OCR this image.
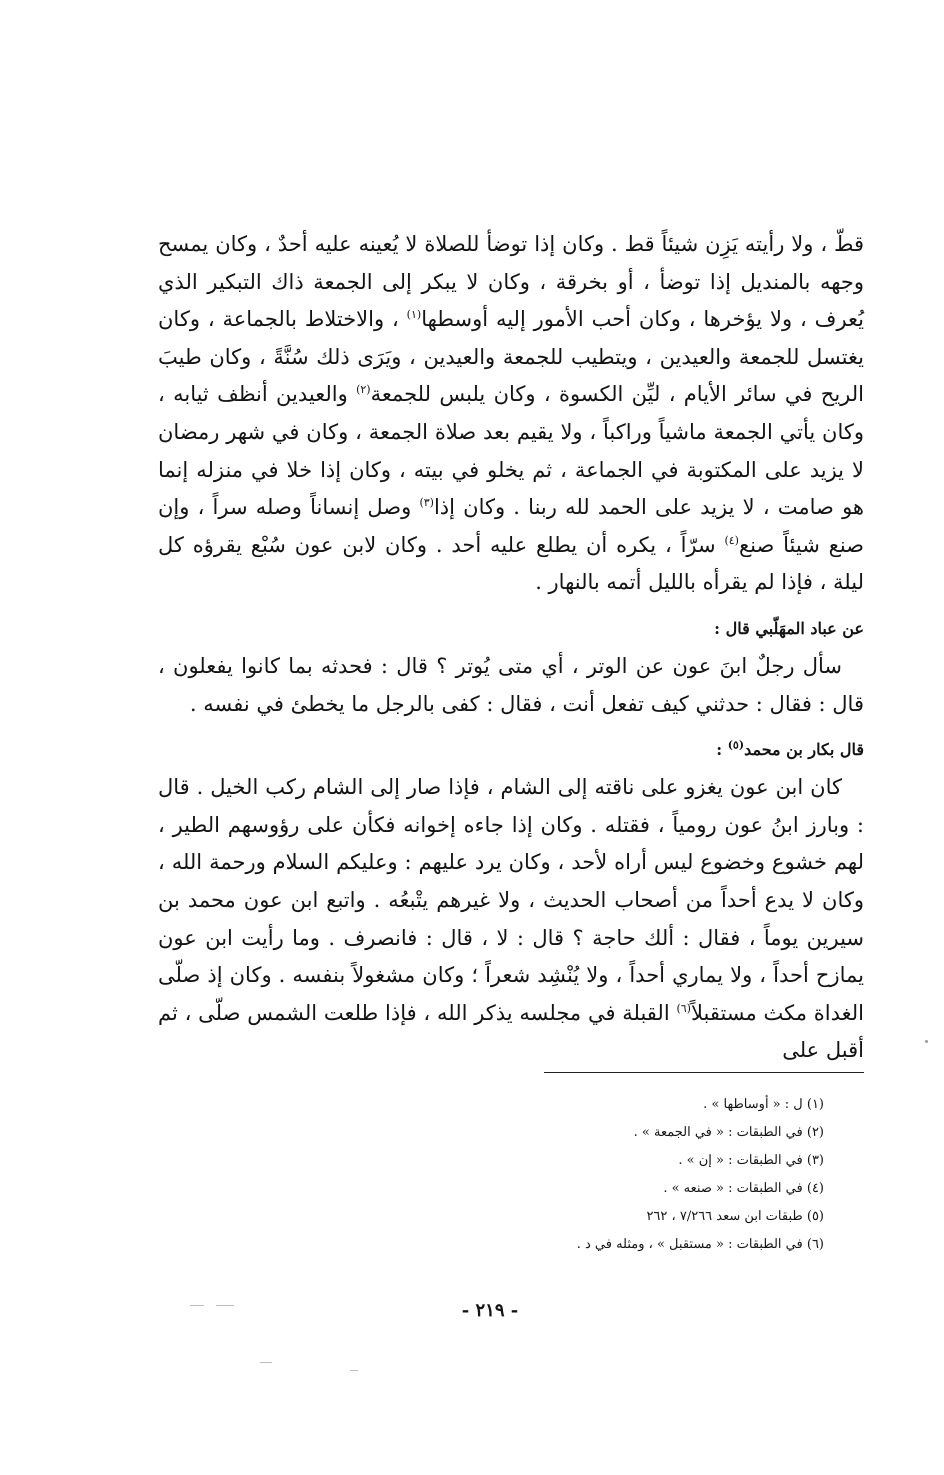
قطّ ، ولا رأيته يَزِن شيئاً قط . وكان إذا توضأ للصلاة لا يُعينه عليه أحدٌ ، وكان يمسح وجهه بالمنديل إذا توضأ ، أو بخرقة ، وكان لا يبكر إلى الجمعة ذاك التبكير الذي يُعرف ، ولا يؤخرها ، وكان أحب الأمور إليه أوسطها$^{(١)}$ ، والاختلاط بالجماعة ، وكان يغتسل للجمعة والعيدين ، ويتطيب للجمعة والعيدين ، ويَرَى ذلك سُنَّةً ، وكان طيبَ الريح في سائر الأيام ، ليِّن الكسوة ، وكان يلبس للجمعة$^{(٢)}$ والعيدين أنظف ثيابه ، وكان يأتي الجمعة ماشياً وراكباً ، ولا يقيم بعد صلاة الجمعة ، وكان في شهر رمضان لا يزيد على المكتوبة في الجماعة ، ثم يخلو في بيته ، وكان إذا خلا في منزله إنما هو صامت ، لا يزيد على الحمد لله ربنا . وكان إذا$^{(٣)}$ وصل إنساناً وصله سراً ، وإن صنع شيئاً صنع$^{(٤)}$ سرّاً ، يكره أن يطلع عليه أحد . وكان لابن عون سُبْع يقرؤه كل ليلة ، فإذا لم يقرأه بالليل أتمه بالنهار .

عن عباد المهَلّبي قال :

سأل رجلٌ ابنَ عون عن الوتر ، أي متى يُوتر ؟ قال : فحدثه بما كانوا يفعلون ، قال : فقال : حدثني كيف تفعل أنت ، فقال : كفى بالرجل ما يخطئ في نفسه .

قال بكار بن محمد$^{(٥)}$ :

كان ابن عون يغزو على ناقته إلى الشام ، فإذا صار إلى الشام ركب الخيل . قال : وبارز ابنُ عون رومياً ، فقتله . وكان إذا جاءه إخوانه فكأن على رؤوسهم الطير ، لهم خشوع وخضوع ليس أراه لأحد ، وكان يرد عليهم : وعليكم السلام ورحمة الله ، وكان لا يدع أحداً من أصحاب الحديث ، ولا غيرهم يتْبعُه . واتبع ابن عون محمد بن سيرين يوماً ، فقال : ألك حاجة ؟ قال : لا ، قال : فانصرف . وما رأيت ابن عون يمازح أحداً ، ولا يماري أحداً ، ولا يُنْشِد شعراً ؛ وكان مشغولاً بنفسه . وكان إذ صلّى الغداة مكث مستقبلاً$^{(٦)}$ القبلة في مجلسه يذكر الله ، فإذا طلعت الشمس صلّى ، ثم أقبل على

(١) ل : « أوساطها » .
(٢) في الطبقات : « في الجمعة » .
(٣) في الطبقات : « إن » .
(٤) في الطبقات : « صنعه » .
(٥) طبقات ابن سعد ٧/٢٦٦ ، ٢٦٢
(٦) في الطبقات : « مستقبل » ، ومثله في د .
- ٢١٩ -
